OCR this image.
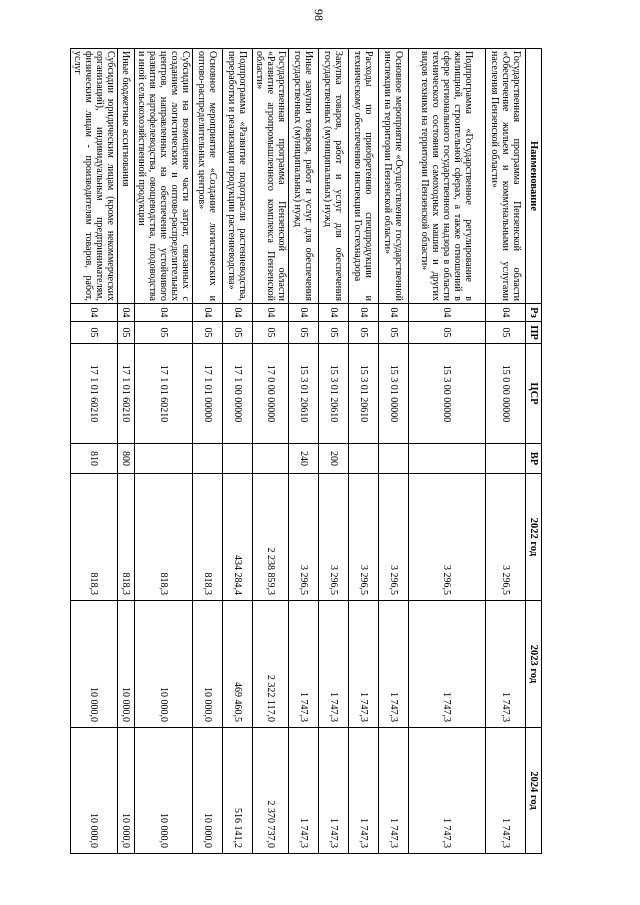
98
Наименование	Рз	ПР	ЦСР	ВР	2022 год	2023 год	2024 год
Государственная программа Пензенской области «Обеспечение жильем и коммунальными услугами населения Пензенской области»	04	05	15 0 00 00000		3 296,5	1 747,3	1 747,3
Подпрограмма «Государственное регулирование в жилищной, строительной сферах, а также отношений в сфере регионального государственного надзора в области технического состояния самоходных машин и других видов техники на территории Пензенской области»	04	05	15 3 00 00000		3 296,5	1 747,3	1 747,3
Основное мероприятие «Осуществление государственной инспекции на территории Пензенской области»	04	05	15 3 01 00000		3 296,5	1 747,3	1 747,3
Расходы по приобретению спецпродукции и техническому обеспечению инспекции Гостехнадзора	04	05	15 3 01 20610		3 296,5	1 747,3	1 747,3
Закупка товаров, работ и услуг для обеспечения государственных (муниципальных) нужд	04	05	15 3 01 20610	200	3 296,5	1 747,3	1 747,3
Иные закупки товаров, работ и услуг для обеспечения государственных (муниципальных) нужд	04	05	15 3 01 20610	240	3 296,5	1 747,3	1 747,3
Государственная программа Пензенской области «Развитие агропромышленного комплекса Пензенской области»	04	05	17 0 00 00000		2 238 859,3	2 322 117,0	2 370 737,0
Подпрограмма «Развитие подотрасли растениеводства, переработки и реализации продукции растениеводства»	04	05	17 1 00 00000		434 284,4	469 460,5	516 141,2
Основное мероприятие «Создание логистических и оптово-распределительных центров»	04	05	17 1 01 00000		818,3	10 000,0	10 000,0
Субсидии на возмещение части затрат, связанных с созданием логистических и оптово-распределительных центров, направленных на обеспечение устойчивого развития картофелеводства, овощеводства, плодоводства и иной сельскохозяйственной продукции	04	05	17 1 01 60210		818,3	10 000,0	10 000,0
Иные бюджетные ассигнования	04	05	17 1 01 60210	800	818,3	10 000,0	10 000,0
Субсидии юридическим лицам (кроме некоммерческих организаций), индивидуальным предпринимателям, физическим лицам - производителям товаров, работ, услуг	04	05	17 1 01 60210	810	818,3	10 000,0	10 000,0
